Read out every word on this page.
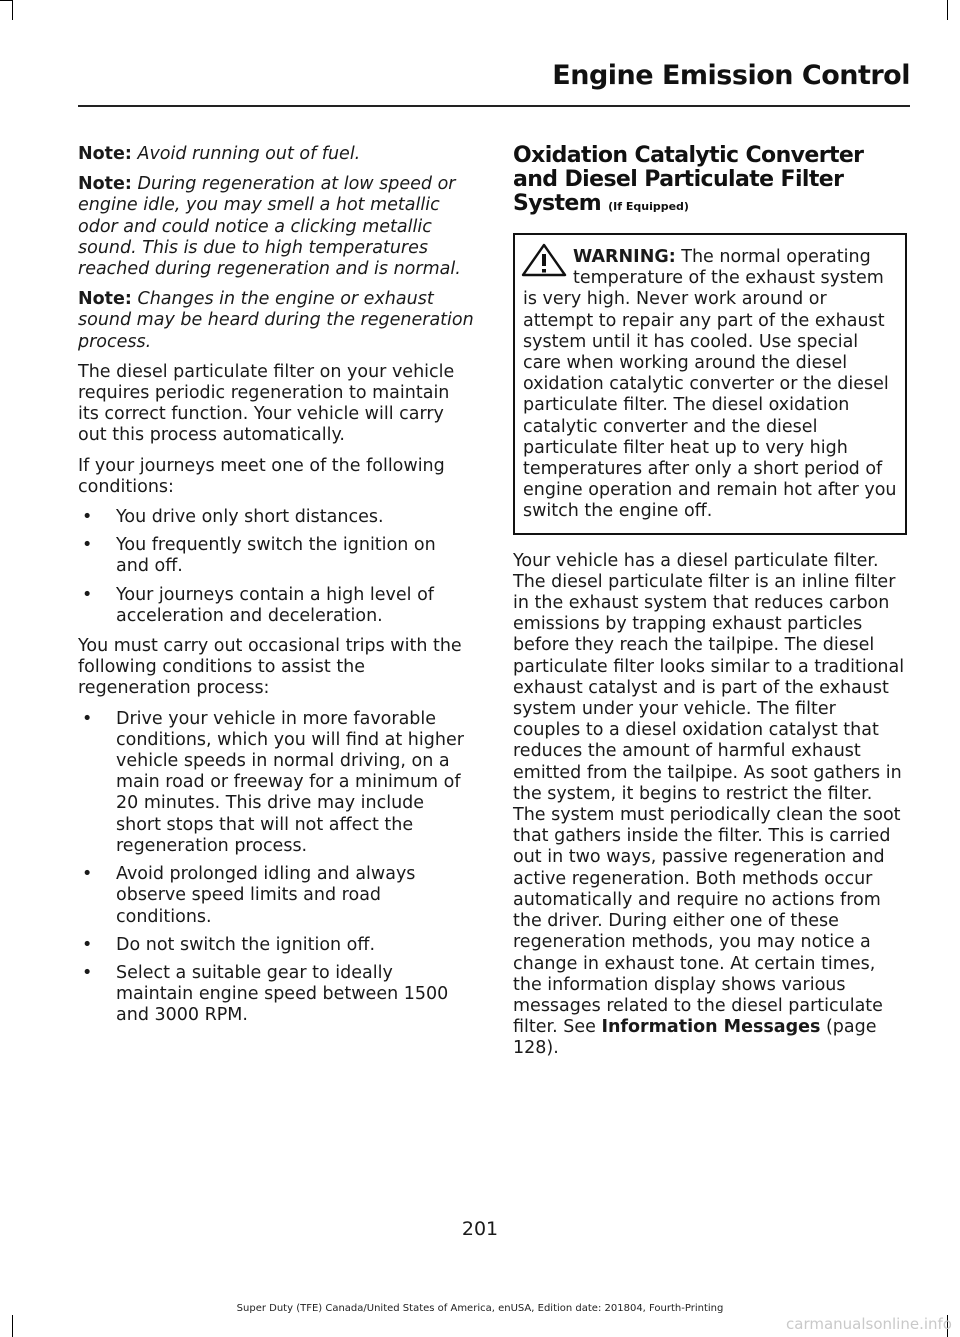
Engine Emission Control

Note: Avoid running out of fuel.

Note: During regeneration at low speed or engine idle, you may smell a hot metallic odor and could notice a clicking metallic sound. This is due to high temperatures reached during regeneration and is normal.

Note: Changes in the engine or exhaust sound may be heard during the regeneration process.

The diesel particulate filter on your vehicle requires periodic regeneration to maintain its correct function. Your vehicle will carry out this process automatically.

If your journeys meet one of the following conditions:

• You drive only short distances.
• You frequently switch the ignition on and off.
• Your journeys contain a high level of acceleration and deceleration.

You must carry out occasional trips with the following conditions to assist the regeneration process:

• Drive your vehicle in more favorable conditions, which you will find at higher vehicle speeds in normal driving, on a main road or freeway for a minimum of 20 minutes. This drive may include short stops that will not affect the regeneration process.
• Avoid prolonged idling and always observe speed limits and road conditions.
• Do not switch the ignition off.
• Select a suitable gear to ideally maintain engine speed between 1500 and 3000 RPM.
Oxidation Catalytic Converter and Diesel Particulate Filter System (If Equipped)
WARNING: The normal operating temperature of the exhaust system is very high. Never work around or attempt to repair any part of the exhaust system until it has cooled. Use special care when working around the diesel oxidation catalytic converter or the diesel particulate filter. The diesel oxidation catalytic converter and the diesel particulate filter heat up to very high temperatures after only a short period of engine operation and remain hot after you switch the engine off.

Your vehicle has a diesel particulate filter. The diesel particulate filter is an inline filter in the exhaust system that reduces carbon emissions by trapping exhaust particles before they reach the tailpipe. The diesel particulate filter looks similar to a traditional exhaust catalyst and is part of the exhaust system under your vehicle. The filter couples to a diesel oxidation catalyst that reduces the amount of harmful exhaust emitted from the tailpipe. As soot gathers in the system, it begins to restrict the filter. The system must periodically clean the soot that gathers inside the filter. This is carried out in two ways, passive regeneration and active regeneration. Both methods occur automatically and require no actions from the driver. During either one of these regeneration methods, you may notice a change in exhaust tone. At certain times, the information display shows various messages related to the diesel particulate filter. See Information Messages (page 128).

201
Super Duty (TFE) Canada/United States of America, enUSA, Edition date: 201804, Fourth-Printing
carmanualsonline.info
